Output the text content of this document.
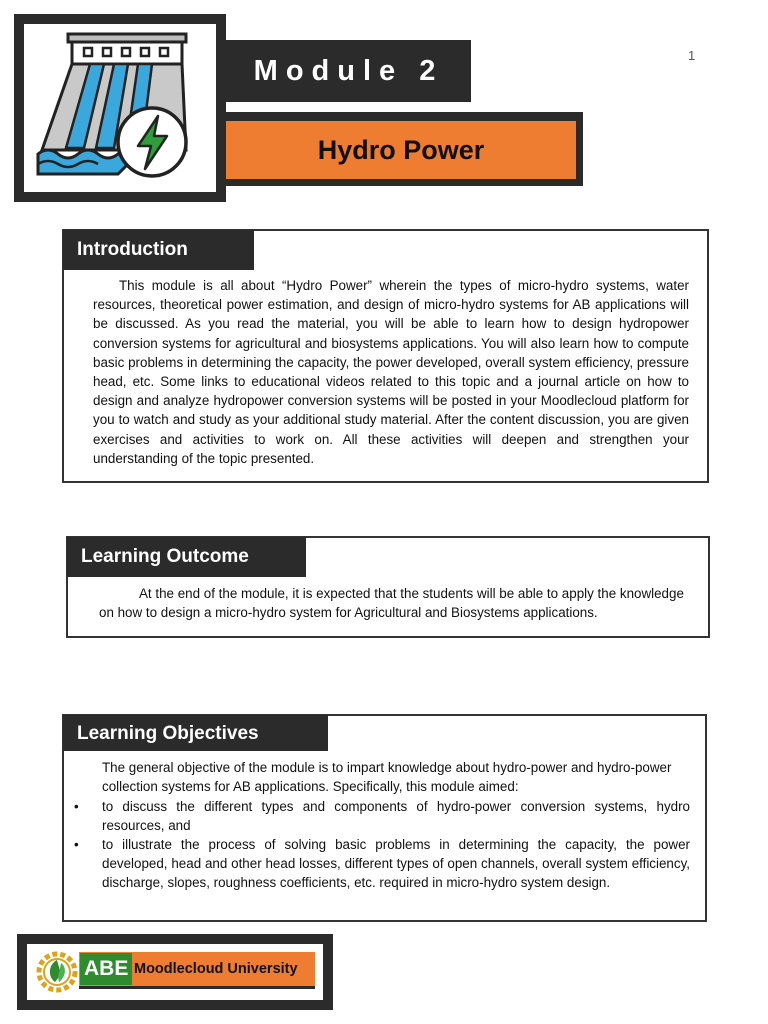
Module 2
Hydro Power
1
Introduction
This module is all about “Hydro Power” wherein the types of micro-hydro systems, water resources, theoretical power estimation, and design of micro-hydro systems for AB applications will be discussed. As you read the material, you will be able to learn how to design hydropower conversion systems for agricultural and biosystems applications. You will also learn how to compute basic problems in determining the capacity, the power developed, overall system efficiency, pressure head, etc. Some links to educational videos related to this topic and a journal article on how to design and analyze hydropower conversion systems will be posted in your Moodlecloud platform for you to watch and study as your additional study material. After the content discussion, you are given exercises and activities to work on. All these activities will deepen and strengthen your understanding of the topic presented.
Learning Outcome
At the end of the module, it is expected that the students will be able to apply the knowledge on how to design a micro-hydro system for Agricultural and Biosystems applications.
Learning Objectives
The general objective of the module is to impart knowledge about hydro-power and hydro-power collection systems for AB applications. Specifically, this module aimed:
•	to discuss the different types and components of hydro-power conversion systems, hydro resources, and
•	to illustrate the process of solving basic problems in determining the capacity, the power developed, head and other head losses, different types of open channels, overall system efficiency, discharge, slopes, roughness coefficients, etc. required in micro-hydro system design.
ABE Moodlecloud University
